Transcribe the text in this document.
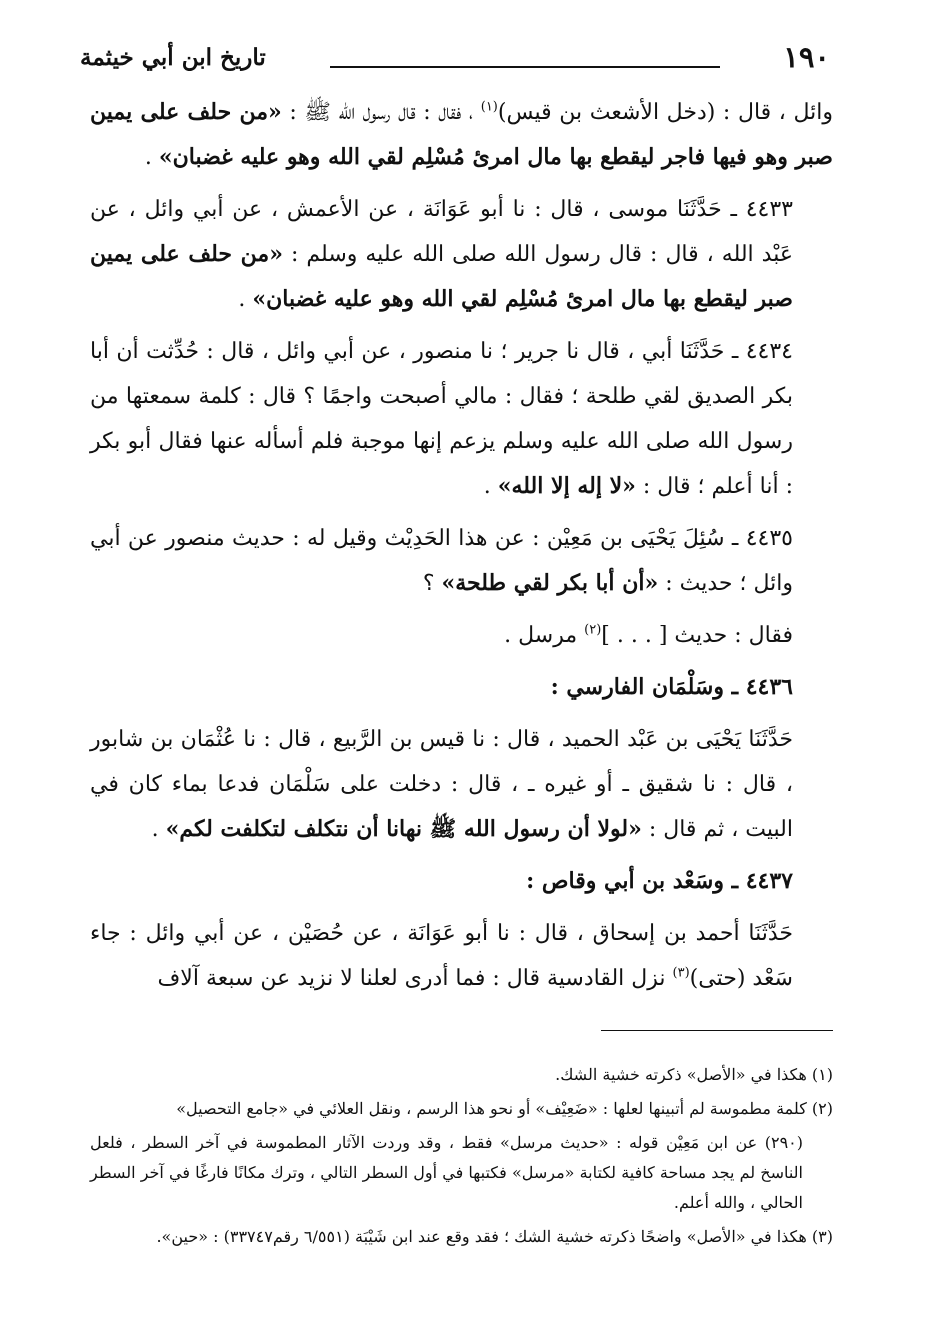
١٩٠
تاريخ ابن أبي خيثمة

وائل ، قال : (دخل الأشعث بن قيس)$^{(١)}$ ، فقال : قال رسول الله ﷺ : «من حلف على يمين صبر وهو فيها فاجر ليقطع بها مال امرئ مُسْلِم لقي الله وهو عليه غضبان» .

٤٤٣٣ ـ حَدَّثَنَا موسى ، قال : نا أبو عَوَانَة ، عن الأعمش ، عن أبي وائل ، عن عَبْد الله ، قال : قال رسول الله صلى الله عليه وسلم : «من حلف على يمين صبر ليقطع بها مال امرئ مُسْلِم لقي الله وهو عليه غضبان» .

٤٤٣٤ ـ حَدَّثَنَا أبي ، قال نا جرير ؛ نا منصور ، عن أبي وائل ، قال : حُدِّثت أن أبا بكر الصديق لقي طلحة ؛ فقال : مالي أصبحت واجمًا ؟ قال : كلمة سمعتها من رسول الله صلى الله عليه وسلم يزعم إنها موجبة فلم أسأله عنها فقال أبو بكر : أنا أعلم ؛ قال : «لا إله إلا الله» .

٤٤٣٥ ـ سُئِلَ يَحْيَى بن مَعِيْن : عن هذا الحَدِيْث وقيل له : حديث منصور عن أبي وائل ؛ حديث : «أن أبا بكر لقي طلحة» ؟

فقال : حديث [ . . . ]$^{(٢)}$ مرسل .

٤٤٣٦ ـ وسَلْمَان الفارسي :

حَدَّثَنَا يَحْيَى بن عَبْد الحميد ، قال : نا قيس بن الرَّبيع ، قال : نا عُثْمَان بن شابور ، قال : نا شقيق ـ أو غيره ـ ، قال : دخلت على سَلْمَان فدعا بماء كان في البيت ، ثم قال : «لولا أن رسول الله ﷺ نهانا أن نتكلف لتكلفت لكم» .

٤٤٣٧ ـ وسَعْد بن أبي وقاص :

حَدَّثَنَا أحمد بن إسحاق ، قال : نا أبو عَوَانَة ، عن حُصَيْن ، عن أبي وائل : جاء سَعْد (حتى)$^{(٣)}$ نزل القادسية قال : فما أدرى لعلنا لا نزيد عن سبعة آلاف

(١) هكذا في «الأصل» ذكرته خشية الشك.

(٢) كلمة مطموسة لم أتبينها لعلها : «ضَعِيْف» أو نحو هذا الرسم ، ونقل العلائي في «جامع التحصيل»

(٢٩٠) عن ابن مَعِيْن قوله : «حديث مرسل» فقط ، وقد وردت الآثار المطموسة في آخر السطر ، فلعل الناسخ لم يجد مساحة كافية لكتابة «مرسل» فكتبها في أول السطر التالي ، وترك مكانًا فارغًا في آخر السطر الحالي ، والله أعلم.

(٣) هكذا في «الأصل» واضحًا ذكرته خشية الشك ؛ فقد وقع عند ابن شَيْبَة (٦/٥٥١ رقم٣٣٧٤٧) : «حين».
